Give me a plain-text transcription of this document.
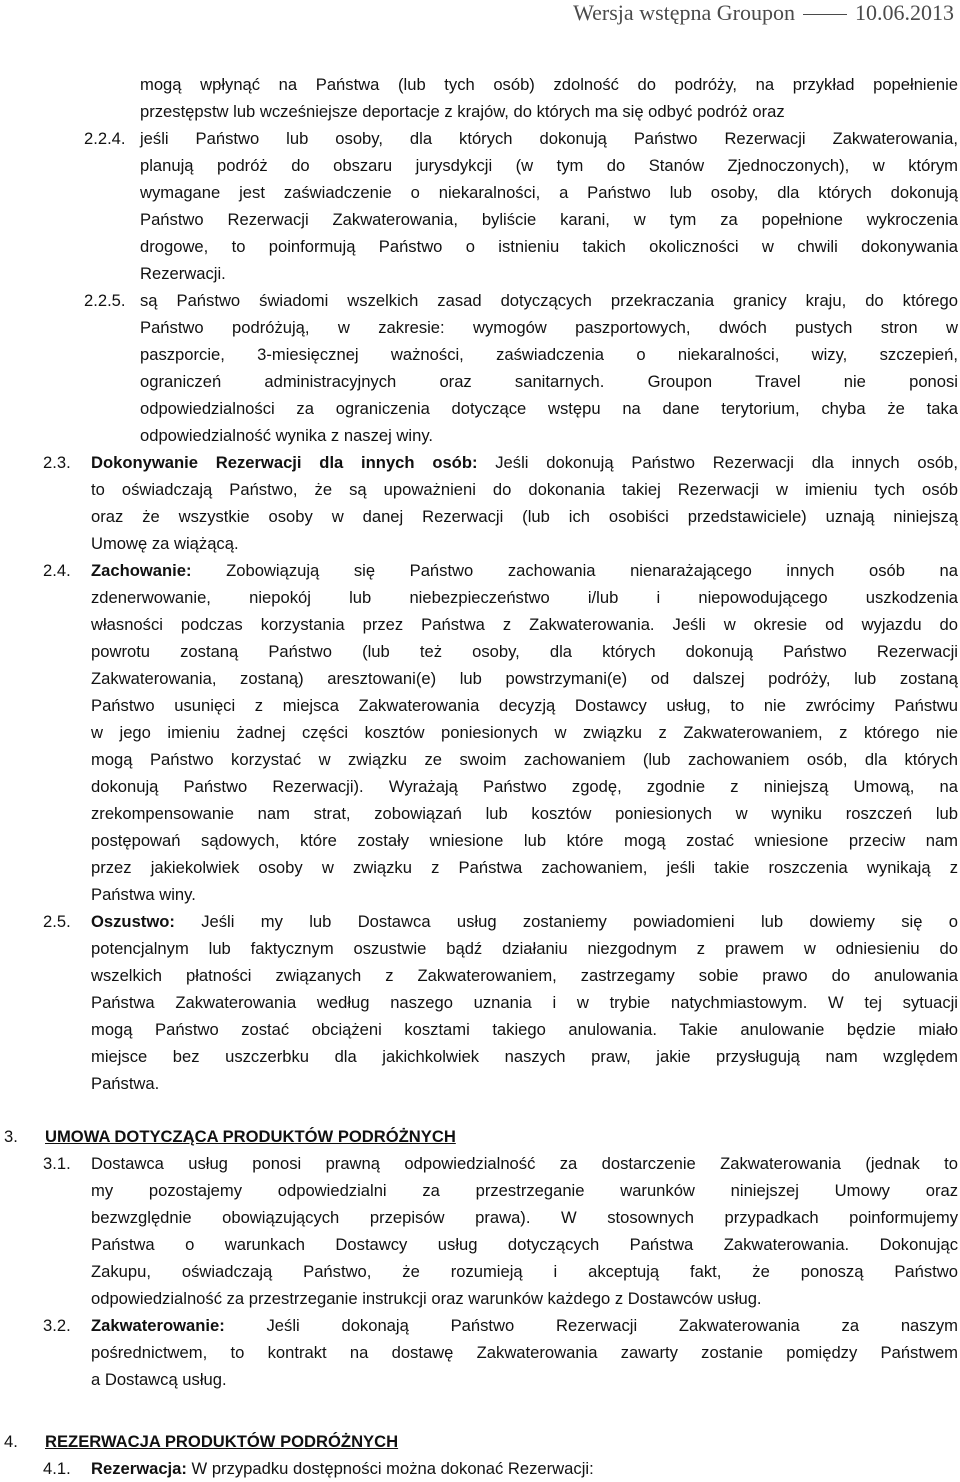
Wersja wstępna Groupon	10.06.2013
mogą wpłynąć na Państwa (lub tych osób) zdolność do podróży, na przykład popełnienie
przestępstw lub wcześniejsze deportacje z krajów, do których ma się odbyć podróż oraz
2.2.4. jeśli Państwo lub osoby, dla których dokonują Państwo Rezerwacji Zakwaterowania,
planują podróż do obszaru jurysdykcji (w tym do Stanów Zjednoczonych), w którym
wymagane jest zaświadczenie o niekaralności, a Państwo lub osoby, dla których dokonują
Państwo Rezerwacji Zakwaterowania, byliście karani, w tym za popełnione wykroczenia
drogowe, to poinformują Państwo o istnieniu takich okoliczności w chwili dokonywania
Rezerwacji.
2.2.5. są Państwo świadomi wszelkich zasad dotyczących przekraczania granicy kraju, do którego
Państwo podróżują, w zakresie: wymogów paszportowych, dwóch pustych stron w
paszporcie, 3-miesięcznej ważności, zaświadczenia o niekaralności, wizy, szczepień,
ograniczeń administracyjnych oraz sanitarnych. Groupon Travel nie ponosi
odpowiedzialności za ograniczenia dotyczące wstępu na dane terytorium, chyba że taka
odpowiedzialność wynika z naszej winy.
2.3. Dokonywanie Rezerwacji dla innych osób: Jeśli dokonują Państwo Rezerwacji dla innych osób,
to oświadczają Państwo, że są upoważnieni do dokonania takiej Rezerwacji w imieniu tych osób
oraz że wszystkie osoby w danej Rezerwacji (lub ich osobiści przedstawiciele) uznają niniejszą
Umowę za wiążącą.
2.4. Zachowanie: Zobowiązują się Państwo zachowania nienarażającego innych osób na
zdenerwowanie, niepokój lub niebezpieczeństwo i/lub i niepowodującego uszkodzenia
własności podczas korzystania przez Państwa z Zakwaterowania. Jeśli w okresie od wyjazdu do
powrotu zostaną Państwo (lub też osoby, dla których dokonują Państwo Rezerwacji
Zakwaterowania, zostaną) aresztowani(e) lub powstrzymani(e) od dalszej podróży, lub zostaną
Państwo usunięci z miejsca Zakwaterowania decyzją Dostawcy usług, to nie zwrócimy Państwu
w jego imieniu żadnej części kosztów poniesionych w związku z Zakwaterowaniem, z którego nie
mogą Państwo korzystać w związku ze swoim zachowaniem (lub zachowaniem osób, dla których
dokonują Państwo Rezerwacji). Wyrażają Państwo zgodę, zgodnie z niniejszą Umową, na
zrekompensowanie nam strat, zobowiązań lub kosztów poniesionych w wyniku roszczeń lub
postępowań sądowych, które zostały wniesione lub które mogą zostać wniesione przeciw nam
przez jakiekolwiek osoby w związku z Państwa zachowaniem, jeśli takie roszczenia wynikają z
Państwa winy.
2.5. Oszustwo: Jeśli my lub Dostawca usług zostaniemy powiadomieni lub dowiemy się o
potencjalnym lub faktycznym oszustwie bądź działaniu niezgodnym z prawem w odniesieniu do
wszelkich płatności związanych z Zakwaterowaniem, zastrzegamy sobie prawo do anulowania
Państwa Zakwaterowania według naszego uznania i w trybie natychmiastowym. W tej sytuacji
mogą Państwo zostać obciążeni kosztami takiego anulowania. Takie anulowanie będzie miało
miejsce bez uszczerbku dla jakichkolwiek naszych praw, jakie przysługują nam względem
Państwa.
3. UMOWA DOTYCZĄCA PRODUKTÓW PODRÓŻNYCH
3.1. Dostawca usług ponosi prawną odpowiedzialność za dostarczenie Zakwaterowania (jednak to
my pozostajemy odpowiedzialni za przestrzeganie warunków niniejszej Umowy oraz
bezwzględnie obowiązujących przepisów prawa). W stosownych przypadkach poinformujemy
Państwa o warunkach Dostawcy usług dotyczących Państwa Zakwaterowania. Dokonując
Zakupu, oświadczają Państwo, że rozumieją i akceptują fakt, że ponoszą Państwo
odpowiedzialność za przestrzeganie instrukcji oraz warunków każdego z Dostawców usług.
3.2. Zakwaterowanie: Jeśli dokonają Państwo Rezerwacji Zakwaterowania za naszym
pośrednictwem, to kontrakt na dostawę Zakwaterowania zawarty zostanie pomiędzy Państwem
a Dostawcą usług.
4. REZERWACJA PRODUKTÓW PODRÓŻNYCH
4.1. Rezerwacja: W przypadku dostępności można dokonać Rezerwacji:
